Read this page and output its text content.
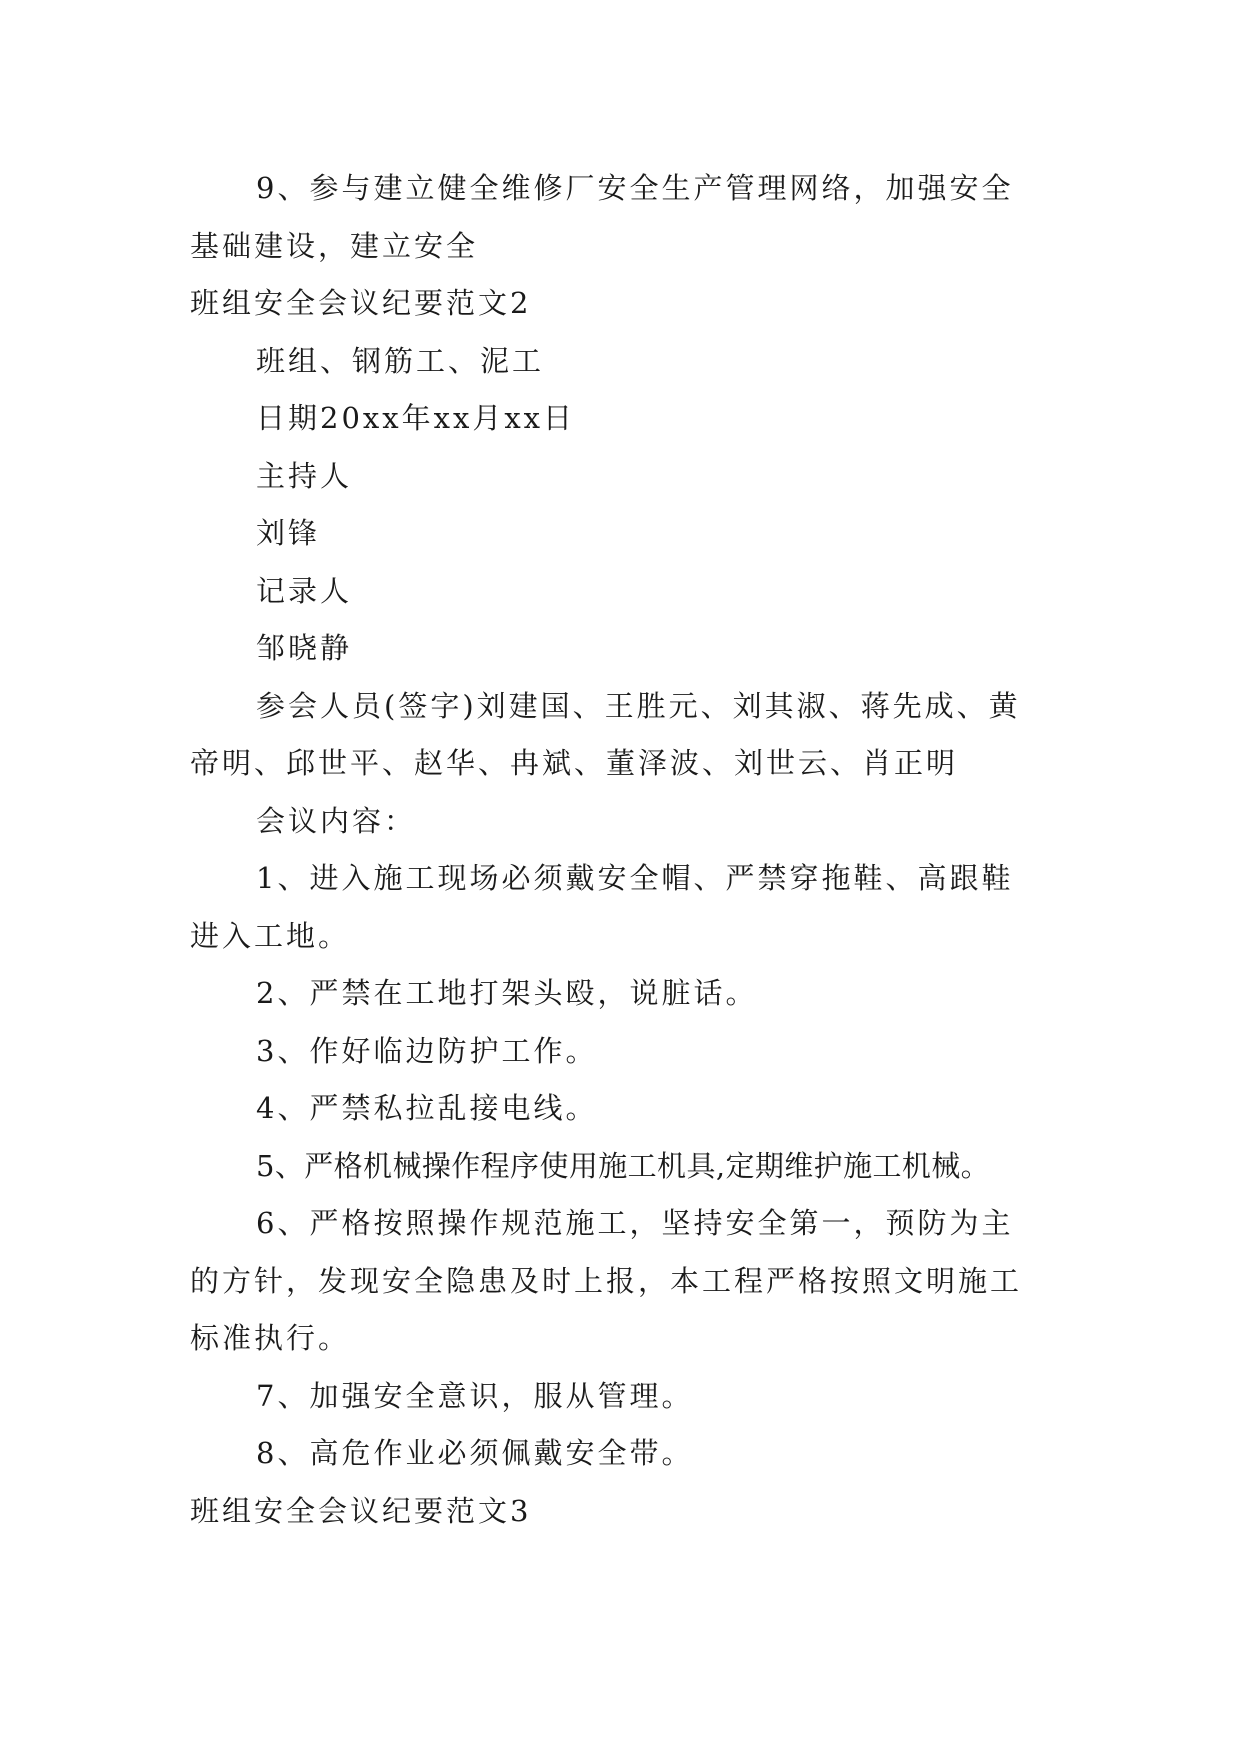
9、参与建立健全维修厂安全生产管理网络，加强安全
基础建设，建立安全
班组安全会议纪要范文2
班组、钢筋工、泥工
日期20xx年xx月xx日
主持人
刘锋
记录人
邹晓静
参会人员(签字)刘建国、王胜元、刘其淑、蒋先成、黄
帝明、邱世平、赵华、冉斌、董泽波、刘世云、肖正明
会议内容：
1、进入施工现场必须戴安全帽、严禁穿拖鞋、高跟鞋
进入工地。
2、严禁在工地打架头殴，说脏话。
3、作好临边防护工作。
4、严禁私拉乱接电线。
5、严格机械操作程序使用施工机具,定期维护施工机械。
6、严格按照操作规范施工，坚持安全第一，预防为主
的方针，发现安全隐患及时上报，本工程严格按照文明施工
标准执行。
7、加强安全意识，服从管理。
8、高危作业必须佩戴安全带。
班组安全会议纪要范文3
